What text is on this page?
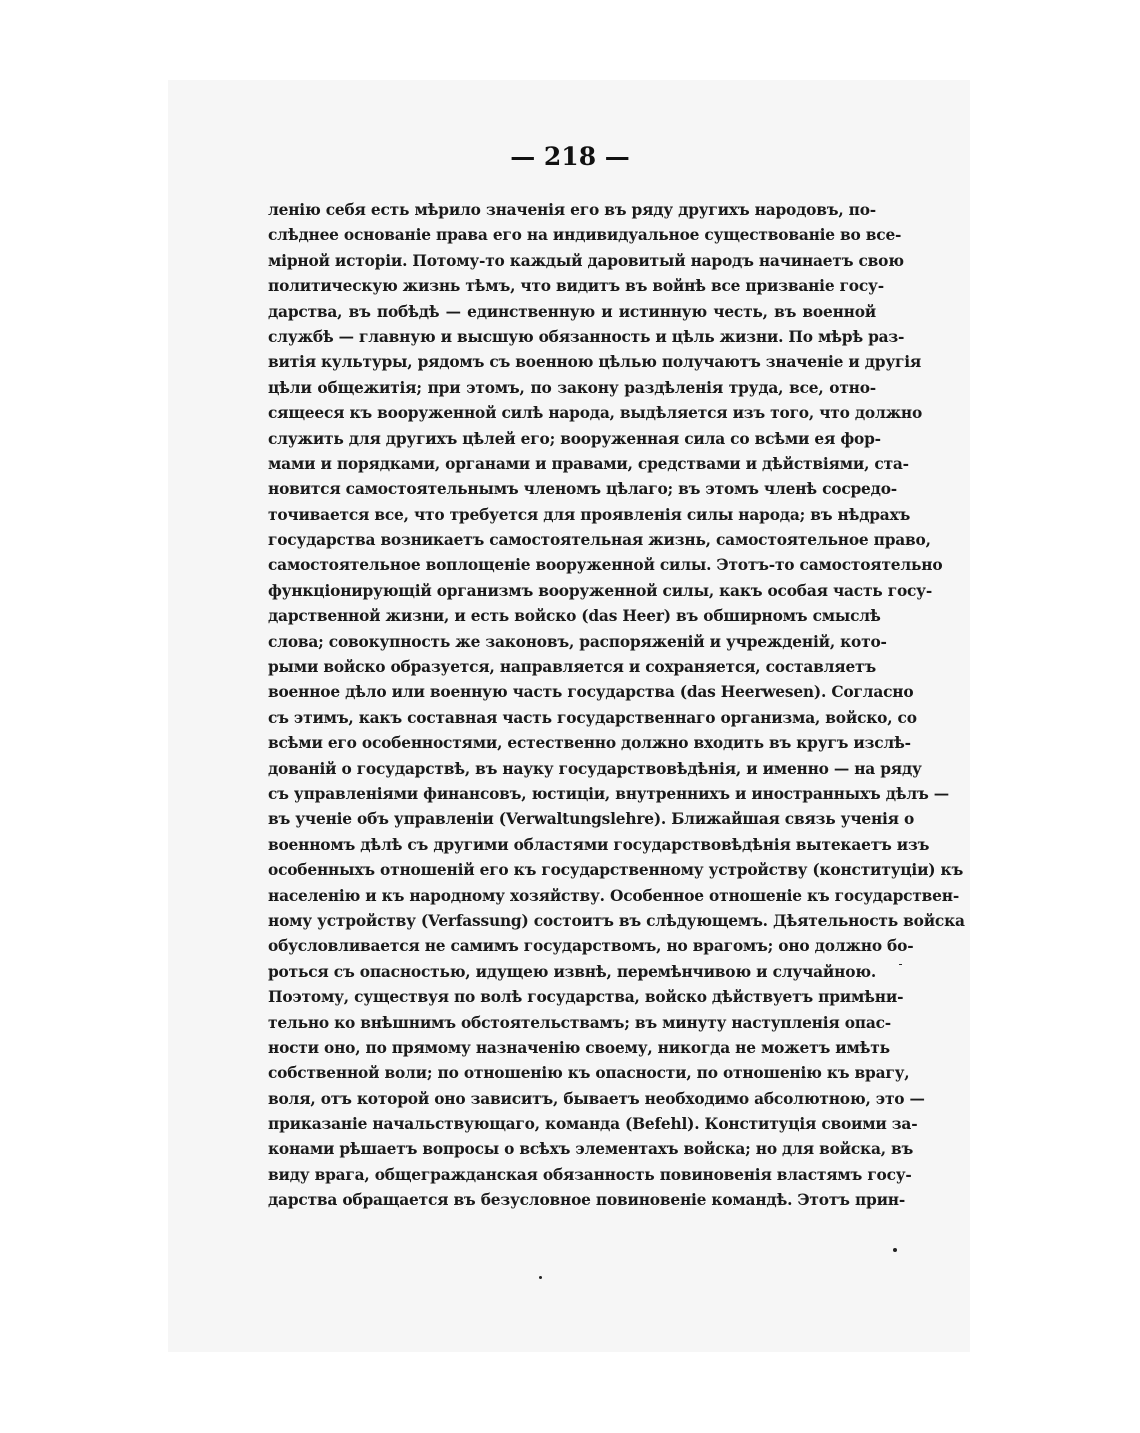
— 218 —
ленію себя есть мѣрило значенія его въ ряду другихъ народовъ, по-
слѣднее основаніе права его на индивидуальное существованіе во все-
мірной исторіи. Потому-то каждый даровитый народъ начинаетъ свою
политическую жизнь тѣмъ, что видитъ въ войнѣ все призваніе госу-
дарства, въ побѣдѣ — единственную и истинную честь, въ военной
службѣ — главную и высшую обязанность и цѣль жизни. По мѣрѣ раз-
витія культуры, рядомъ съ военною цѣлью получаютъ значеніе и другія
цѣли общежитія; при этомъ, по закону раздѣленія труда, все, отно-
сящееся къ вооруженной силѣ народа, выдѣляется изъ того, что должно
служить для другихъ цѣлей его; вооруженная сила со всѣми ея фор-
мами и порядками, органами и правами, средствами и дѣйствіями, ста-
новится самостоятельнымъ членомъ цѣлаго; въ этомъ членѣ сосредо-
точивается все, что требуется для проявленія силы народа; въ нѣдрахъ
государства возникаетъ самостоятельная жизнь, самостоятельное право,
самостоятельное воплощеніе вооруженной силы. Этотъ-то самостоятельно
функціонирующій организмъ вооруженной силы, какъ особая часть госу-
дарственной жизни, и есть войско (das Heer) въ обширномъ смыслѣ
слова; совокупность же законовъ, распоряженій и учрежденій, кото-
рыми войско образуется, направляется и сохраняется, составляетъ
военное дѣло или военную часть государства (das Heerwesen). Согласно
съ этимъ, какъ составная часть государственнаго организма, войско, со
всѣми его особенностями, естественно должно входить въ кругъ изслѣ-
дованій о государствѣ, въ науку государствовѣдѣнія, и именно — на ряду
съ управленіями финансовъ, юстиціи, внутреннихъ и иностранныхъ дѣлъ —
въ ученіе объ управленіи (Verwaltungslehre). Ближайшая связь ученія о
военномъ дѣлѣ съ другими областями государствовѣдѣнія вытекаетъ изъ
особенныхъ отношеній его къ государственному устройству (конституціи) къ
населенію и къ народному хозяйству. Особенное отношеніе къ государствен-
ному устройству (Verfassung) состоитъ въ слѣдующемъ. Дѣятельность войска
обусловливается не самимъ государствомъ, но врагомъ; оно должно бо-
роться съ опасностью, идущею извнѣ, перемѣнчивою и случайною.
Поэтому, существуя по волѣ государства, войско дѣйствуетъ примѣни-
тельно ко внѣшнимъ обстоятельствамъ; въ минуту наступленія опас-
ности оно, по прямому назначенію своему, никогда не можетъ имѣть
собственной воли; по отношенію къ опасности, по отношенію къ врагу,
воля, отъ которой оно зависитъ, бываетъ необходимо абсолютною, это —
приказаніе начальствующаго, команда (Befehl). Конституція своими за-
конами рѣшаетъ вопросы о всѣхъ элементахъ войска; но для войска, въ
виду врага, общегражданская обязанность повиновенія властямъ госу-
дарства обращается въ безусловное повиновеніе командѣ. Этотъ прин-
